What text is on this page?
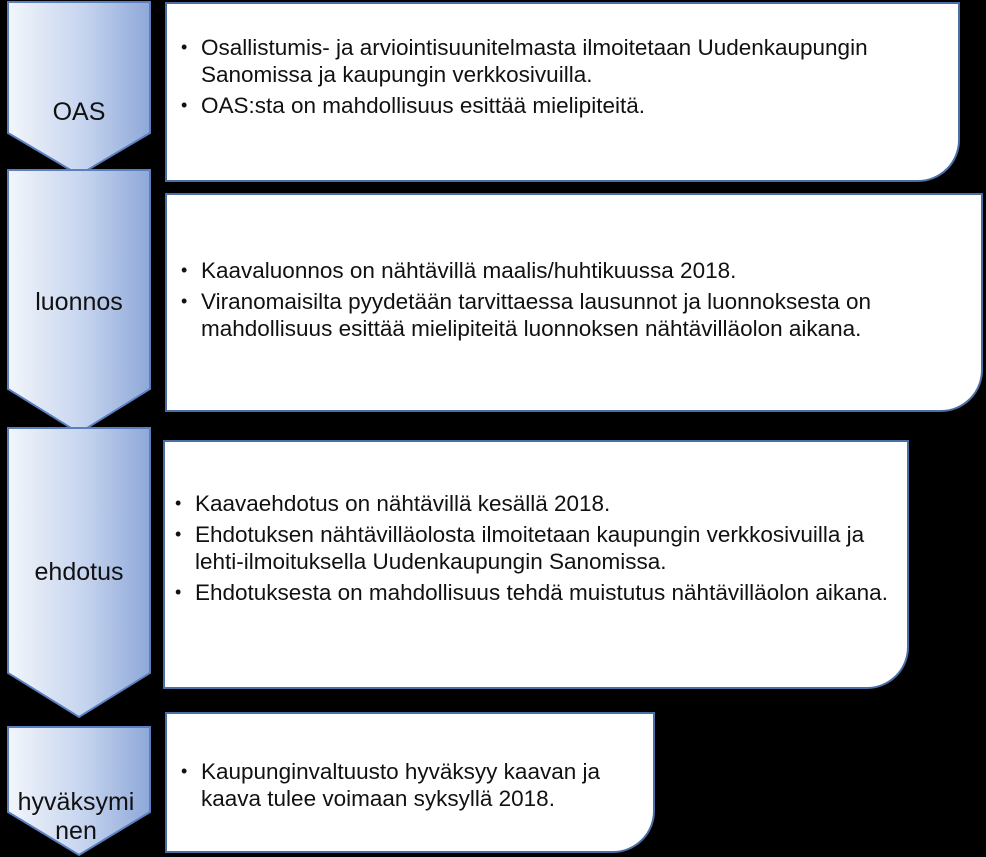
OAS
luonnos
ehdotus
hyväksymi nen
• Osallistumis- ja arviointisuunitelmasta ilmoitetaan Uudenkaupungin Sanomissa ja kaupungin verkkosivuilla.
• OAS:sta on mahdollisuus esittää mielipiteitä.
• Kaavaluonnos on nähtävillä maalis/huhtikuussa 2018.
• Viranomaisilta pyydetään tarvittaessa lausunnot ja luonnoksesta on mahdollisuus esittää mielipiteitä luonnoksen nähtävilläolon aikana.
• Kaavaehdotus on nähtävillä kesällä 2018.
• Ehdotuksen nähtävilläolosta ilmoitetaan kaupungin verkkosivuilla ja lehti-ilmoituksella Uudenkaupungin Sanomissa.
• Ehdotuksesta on mahdollisuus tehdä muistutus nähtävilläolon aikana.
• Kaupunginvaltuusto hyväksyy kaavan ja kaava tulee voimaan syksyllä 2018.
